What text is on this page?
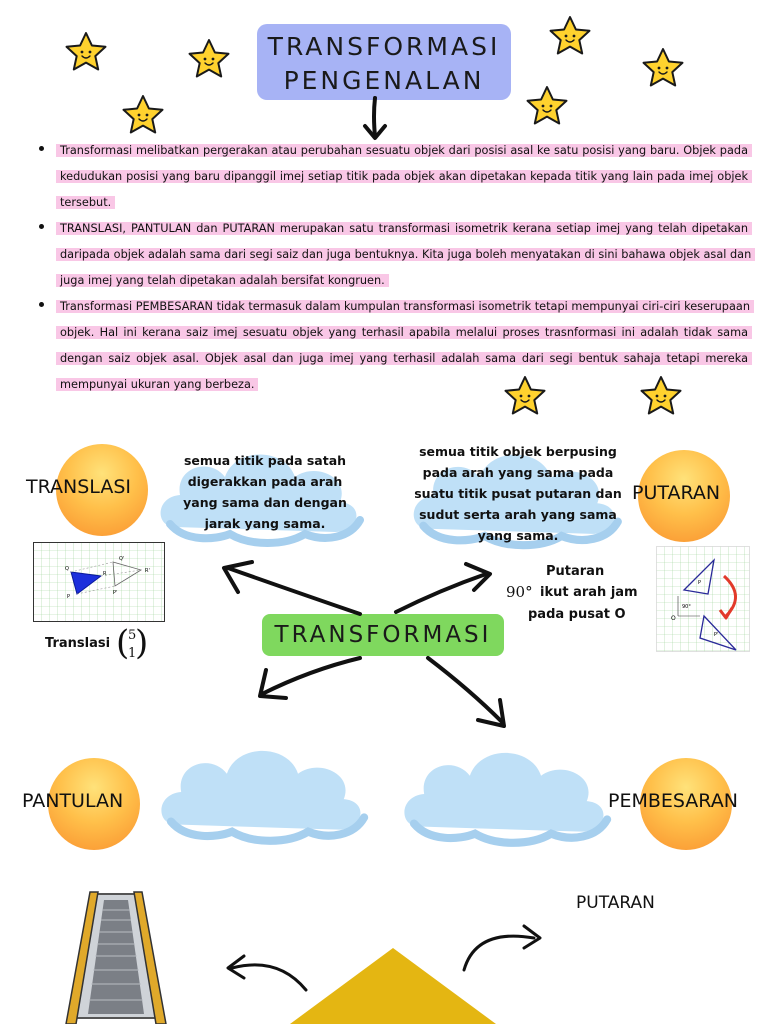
TRANSFORMASI
PENGENALAN
• Transformasi melibatkan pergerakan atau perubahan sesuatu objek dari posisi asal ke satu posisi yang baru. Objek pada kedudukan posisi yang baru dipanggil imej setiap titik pada objek akan dipetakan kepada titik yang lain pada imej objek tersebut.
• TRANSLASI, PANTULAN dan PUTARAN merupakan satu transformasi isometrik kerana setiap imej yang telah dipetakan daripada objek adalah sama dari segi saiz dan juga bentuknya. Kita juga boleh menyatakan di sini bahawa objek asal dan juga imej yang telah dipetakan adalah bersifat kongruen.
• Transformasi PEMBESARAN tidak termasuk dalam kumpulan transformasi isometrik tetapi mempunyai ciri-ciri keserupaan objek. Hal ini kerana saiz imej sesuatu objek yang terhasil apabila melalui proses trasnformasi ini adalah tidak sama dengan saiz objek asal. Objek asal dan juga imej yang terhasil adalah sama dari segi bentuk sahaja tetapi mereka mempunyai ukuran yang berbeza.
TRANSLASI
semua titik pada satah digerakkan pada arah yang sama dan dengan jarak yang sama.
semua titik objek berpusing pada arah yang sama pada suatu titik pusat putaran dan sudut serta arah yang sama yang sama.
PUTARAN
Q
Q'
R	R'
P
P'
Translasi (
5
1
)
Putaran
90° ikut arah jam
pada pusat O	O
90°
P
P'
TRANSFORMASI
PANTULAN	PEMBESARAN
PUTARAN
